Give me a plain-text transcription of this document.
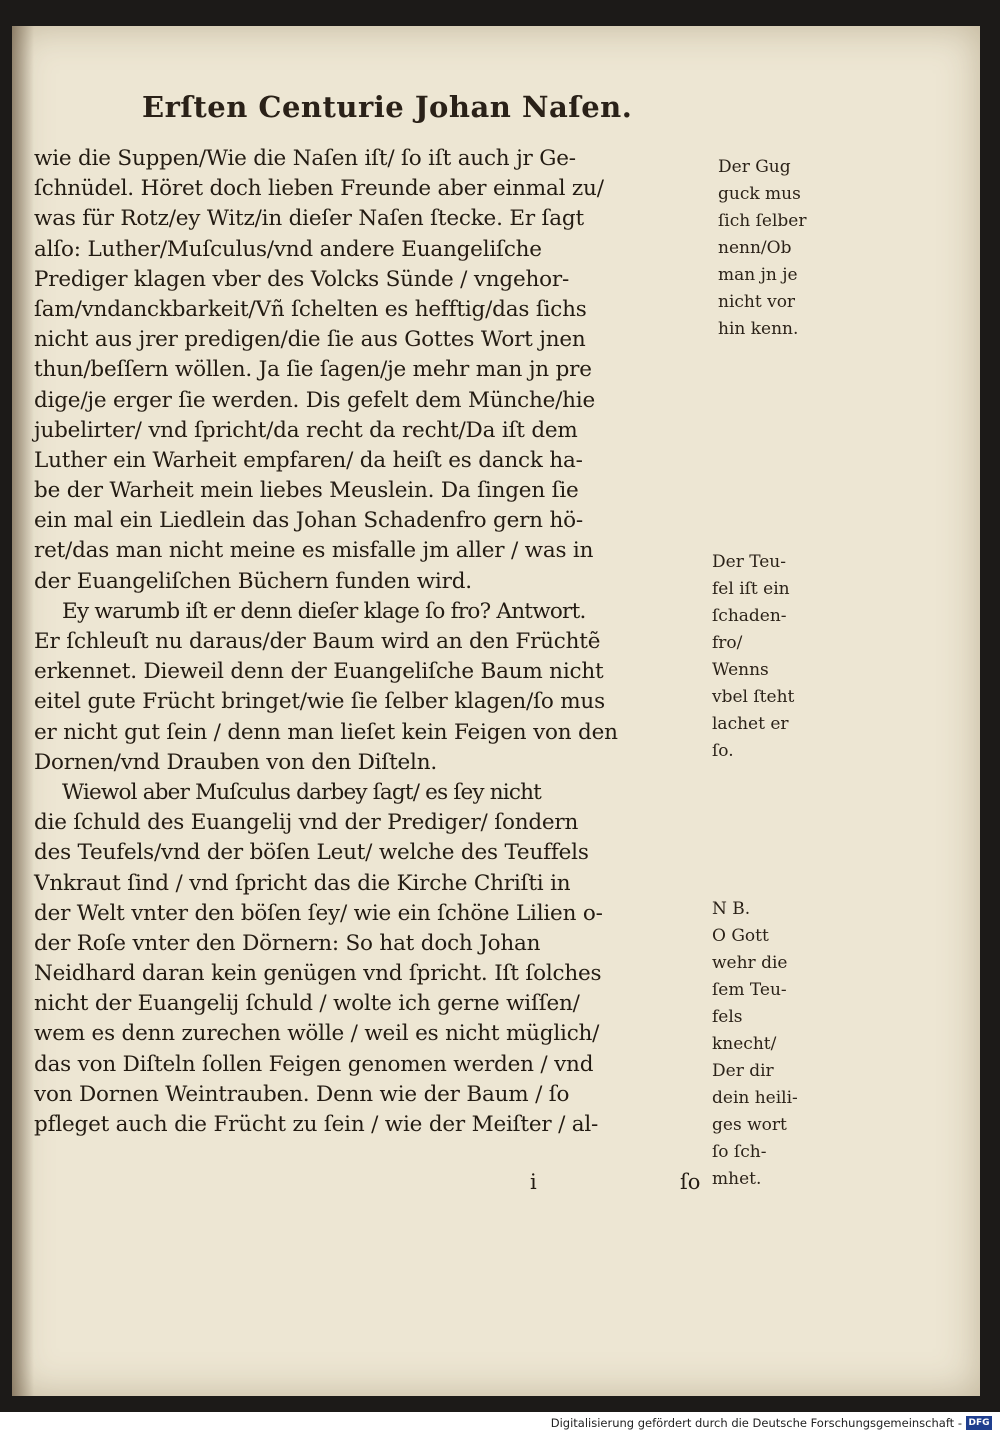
Erſten Centurie Johan Naſen.
wie die Suppen/Wie die Naſen iſt/ ſo iſt auch jr Ge-
ſchnüdel. Höret doch lieben Freunde aber einmal zu/
was für Rotz/ey Witz/in dieſer Naſen ſtecke. Er ſagt
alſo: Luther/Muſculus/vnd andere Euangeliſche
Prediger klagen vber des Volcks Sünde / vngehor-
ſam/vndanckbarkeit/Vñ ſchelten es hefftig/das ſichs
nicht aus jrer predigen/die ſie aus Gottes Wort jnen
thun/beſſern wöllen. Ja ſie ſagen/je mehr man jn pre
dige/je erger ſie werden. Dis gefelt dem Münche/hie
jubelirter/ vnd ſpricht/da recht da recht/Da iſt dem
Luther ein Warheit empfaren/ da heiſt es danck ha-
be der Warheit mein liebes Meuslein. Da ſingen ſie
ein mal ein Liedlein das Johan Schadenfro gern hö-
ret/das man nicht meine es misfalle jm aller / was in
der Euangeliſchen Büchern funden wird.
Ey warumb iſt er denn dieſer klage ſo fro? Antwort.
Er ſchleuſt nu daraus/der Baum wird an den Früchtẽ
erkennet. Dieweil denn der Euangeliſche Baum nicht
eitel gute Frücht bringet/wie ſie ſelber klagen/ſo mus
er nicht gut ſein / denn man lieſet kein Feigen von den
Dornen/vnd Drauben von den Diſteln.
Wiewol aber Muſculus darbey ſagt/ es ſey nicht
die ſchuld des Euangelij vnd der Prediger/ ſondern
des Teufels/vnd der böſen Leut/ welche des Teuffels
Vnkraut ſind / vnd ſpricht das die Kirche Chriſti in
der Welt vnter den böſen ſey/ wie ein ſchöne Lilien o-
der Roſe vnter den Dörnern: So hat doch Johan
Neidhard daran kein genügen vnd ſpricht. Iſt ſolches
nicht der Euangelij ſchuld / wolte ich gerne wiſſen/
wem es denn zurechen wölle / weil es nicht müglich/
das von Diſteln ſollen Feigen genomen werden / vnd
von Dornen Weintrauben. Denn wie der Baum / ſo
pfleget auch die Frücht zu ſein / wie der Meiſter / al-
Der Gug
guck mus
ſich ſelber
nenn/Ob
man jn je
nicht vor
hin kenn.
Der Teu-
fel iſt ein
ſchaden-
fro/
Wenns
vbel ſteht
lachet er
ſo.
N B.
O Gott
wehr die
ſem Teu-
fels
knecht/
Der dir
dein heili-
ges wort
ſo ſch-
mhet.
i	ſo
Digitalisierung gefördert durch die Deutsche Forschungsgemeinschaft - DFG
